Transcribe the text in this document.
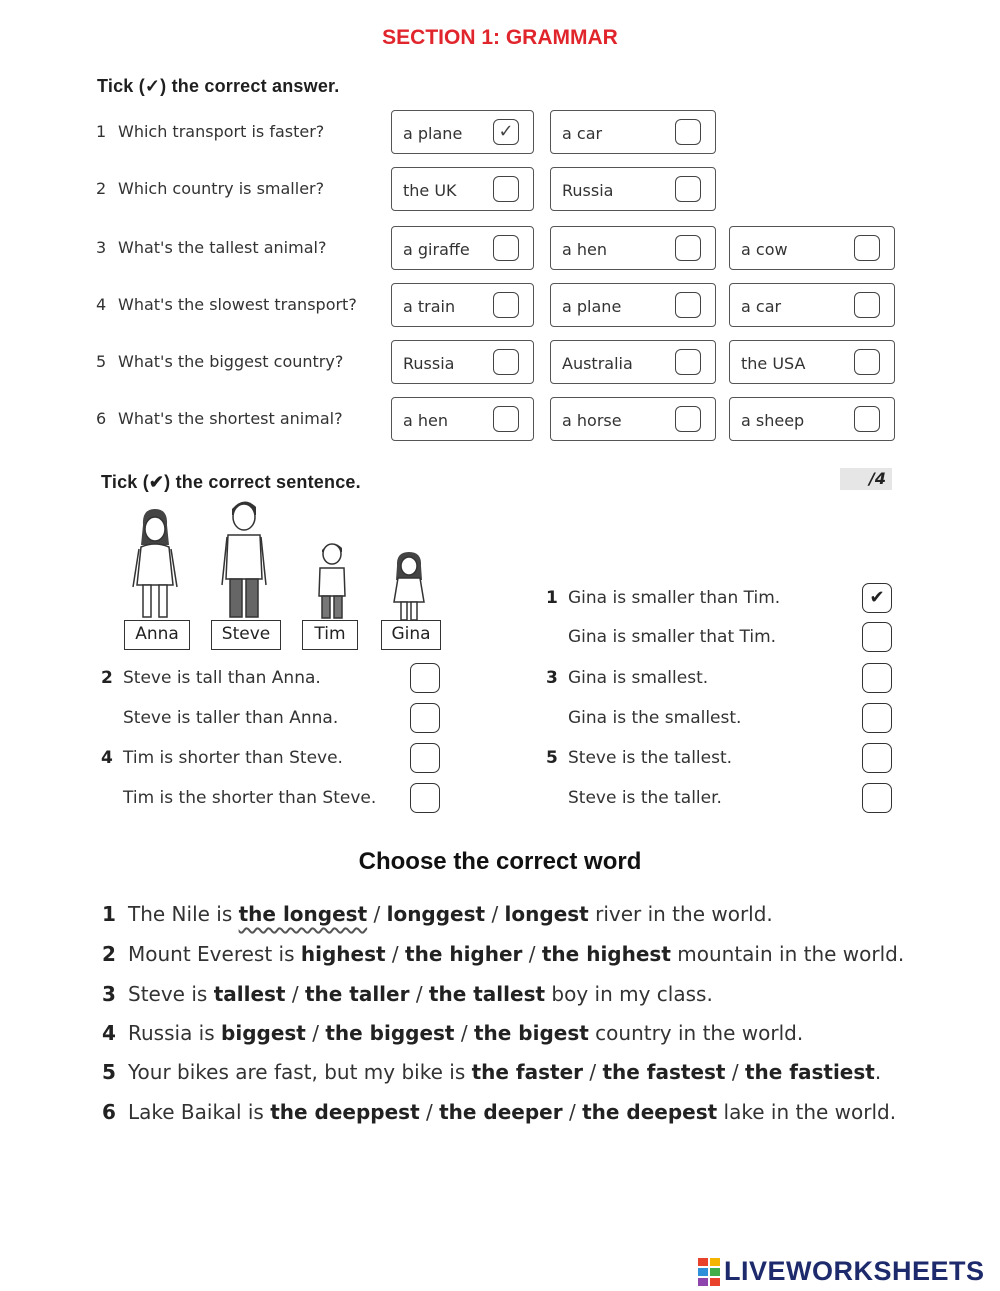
SECTION 1: GRAMMAR
Tick (✓) the correct answer.
1 Which transport is faster?	a plane	✓	a car
2 Which country is smaller?	the UK	Russia
3 What's the tallest animal?	a giraffe	a hen	a cow
4 What's the slowest transport?	a train	a plane	a car
5 What's the biggest country?	Russia	Australia	the USA
6 What's the shortest animal?	a hen	a horse	a sheep
/4
Tick (✔) the correct sentence.
Anna	Steve	Tim	Gina
2 Steve is tall than Anna.
Steve is taller than Anna.
4 Tim is shorter than Steve.
Tim is the shorter than Steve.
1 Gina is smaller than Tim.	✔
Gina is smaller that Tim.
3 Gina is smallest.
Gina is the smallest.
5 Steve is the tallest.
Steve is the taller.
Choose the correct word
1 The Nile is the longest / longgest / longest river in the world.
2 Mount Everest is highest / the higher / the highest mountain in the world.
3 Steve is tallest / the taller / the tallest boy in my class.
4 Russia is biggest / the biggest / the bigest country in the world.
5 Your bikes are fast, but my bike is the faster / the fastest / the fastiest.
6 Lake Baikal is the deeppest / the deeper / the deepest lake in the world.
LIVEWORKSHEETS
